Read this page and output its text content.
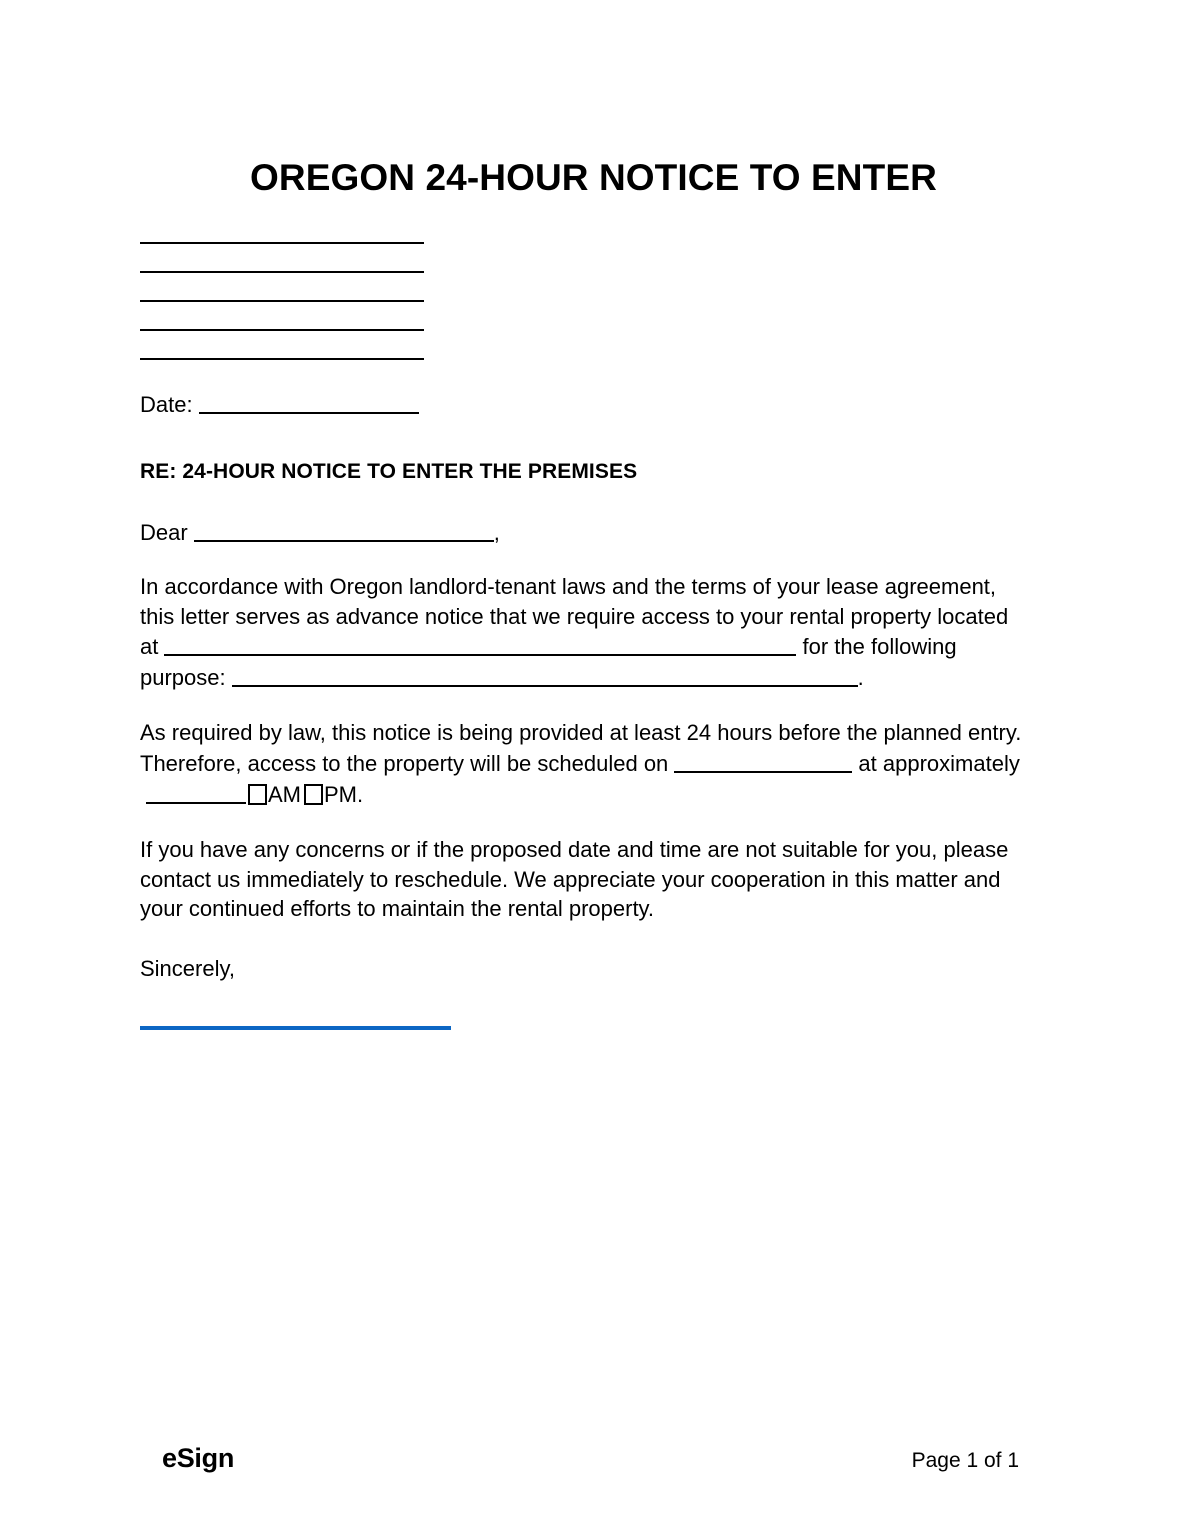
OREGON 24-HOUR NOTICE TO ENTER
Date:
RE: 24-HOUR NOTICE TO ENTER THE PREMISES
Dear	,

In accordance with Oregon landlord-tenant laws and the terms of your lease agreement, this letter serves as advance notice that we require access to your rental property located at	for the following purpose:	.

As required by law, this notice is being provided at least 24 hours before the planned entry. Therefore, access to the property will be scheduled on	at approximatelyAM PM.

If you have any concerns or if the proposed date and time are not suitable for you, please contact us immediately to reschedule. We appreciate your cooperation in this matter and your continued efforts to maintain the rental property.

Sincerely,
eSign	Page 1 of 1
